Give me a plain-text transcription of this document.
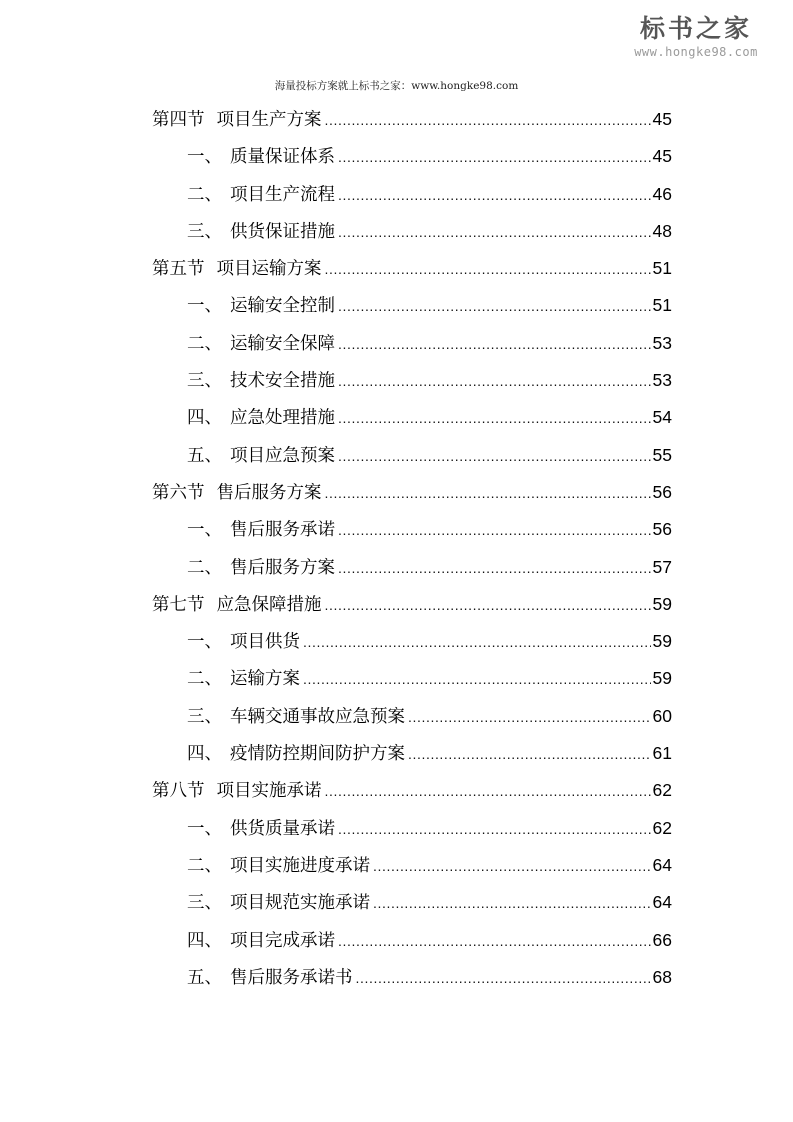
标书之家
www.hongke98.com
海量投标方案就上标书之家：www.hongke98.com
第四节 项目生产方案 .....	45
一、 质量保证体系 .....	45
二、 项目生产流程 .....	46
三、 供货保证措施 .....	48
第五节 项目运输方案 .....	51
一、 运输安全控制 .....	51
二、 运输安全保障 .....	53
三、 技术安全措施 .....	53
四、 应急处理措施 .....	54
五、 项目应急预案 .....	55
第六节 售后服务方案 .....	56
一、 售后服务承诺 .....	56
二、 售后服务方案 .....	57
第七节 应急保障措施 .....	59
一、 项目供货 .....	59
二、 运输方案 .....	59
三、 车辆交通事故应急预案 .....	60
四、 疫情防控期间防护方案 .....	61
第八节 项目实施承诺 .....	62
一、 供货质量承诺 .....	62
二、 项目实施进度承诺 .....	64
三、 项目规范实施承诺 .....	64
四、 项目完成承诺 .....	66
五、 售后服务承诺书 .....	68
